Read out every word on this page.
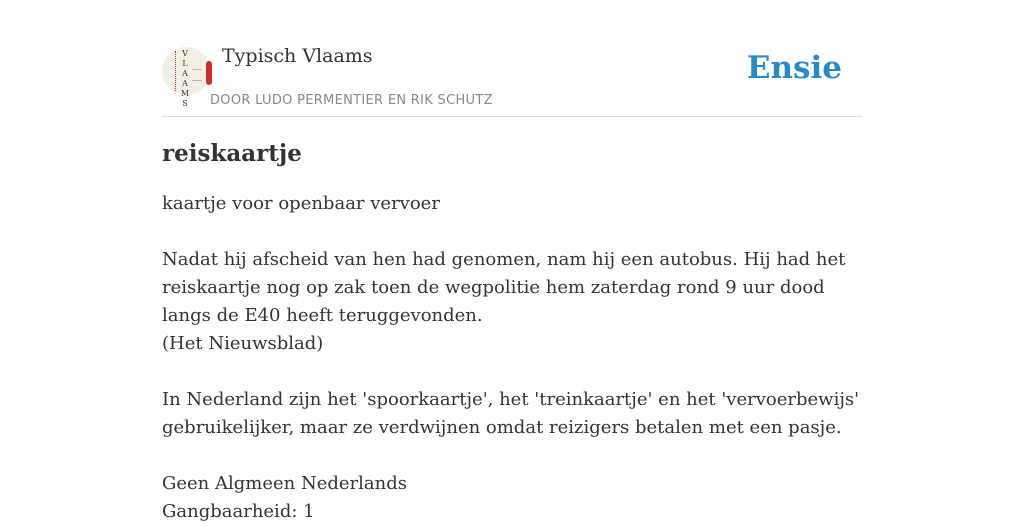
V
L
A
A
M
S
Typisch Vlaams
DOOR LUDO PERMENTIER EN RIK SCHUTZ
Ensie
reiskaartje

kaartje voor openbaar vervoer

Nadat hij afscheid van hen had genomen, nam hij een autobus. Hij had het reiskaartje nog op zak toen de wegpolitie hem zaterdag rond 9 uur dood langs de E40 heeft teruggevonden.

(Het Nieuwsblad)

In Nederland zijn het 'spoorkaartje', het 'treinkaartje' en het 'vervoerbewijs' gebruikelijker, maar ze verdwijnen omdat reizigers betalen met een pasje.

Geen Algmeen Nederlands

Gangbaarheid: 1
